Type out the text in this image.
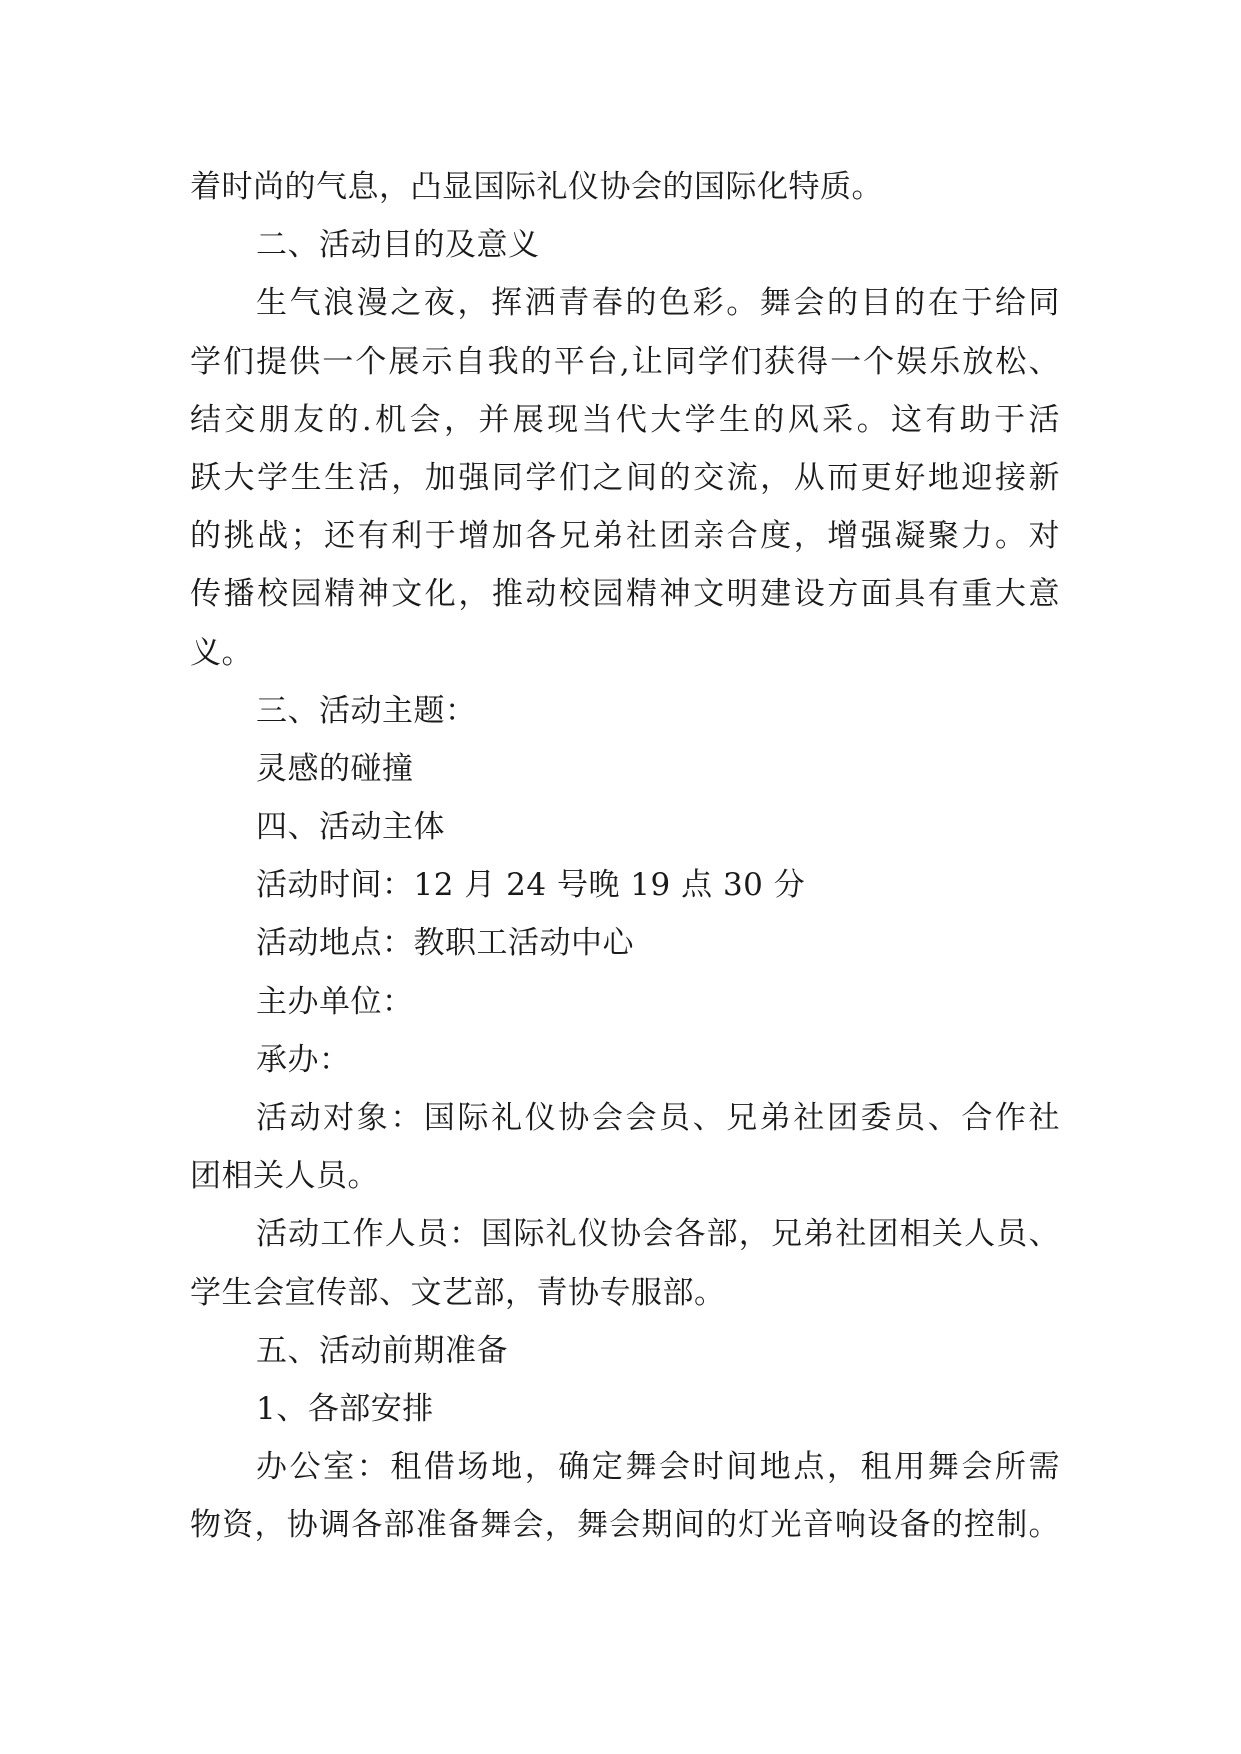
着时尚的气息，凸显国际礼仪协会的国际化特质。
二、活动目的及意义
生气浪漫之夜，挥洒青春的色彩。舞会的目的在于给同
学们提供一个展示自我的平台,让同学们获得一个娱乐放松、
结交朋友的.机会，并展现当代大学生的风采。这有助于活
跃大学生生活，加强同学们之间的交流，从而更好地迎接新
的挑战；还有利于增加各兄弟社团亲合度，增强凝聚力。对
传播校园精神文化，推动校园精神文明建设方面具有重大意
义。
三、活动主题：
灵感的碰撞
四、活动主体
活动时间：12 月 24 号晚 19 点 30 分
活动地点：教职工活动中心
主办单位：
承办：
活动对象：国际礼仪协会会员、兄弟社团委员、合作社
团相关人员。
活动工作人员：国际礼仪协会各部，兄弟社团相关人员、
学生会宣传部、文艺部，青协专服部。
五、活动前期准备
1、各部安排
办公室：租借场地，确定舞会时间地点，租用舞会所需
物资，协调各部准备舞会，舞会期间的灯光音响设备的控制。
